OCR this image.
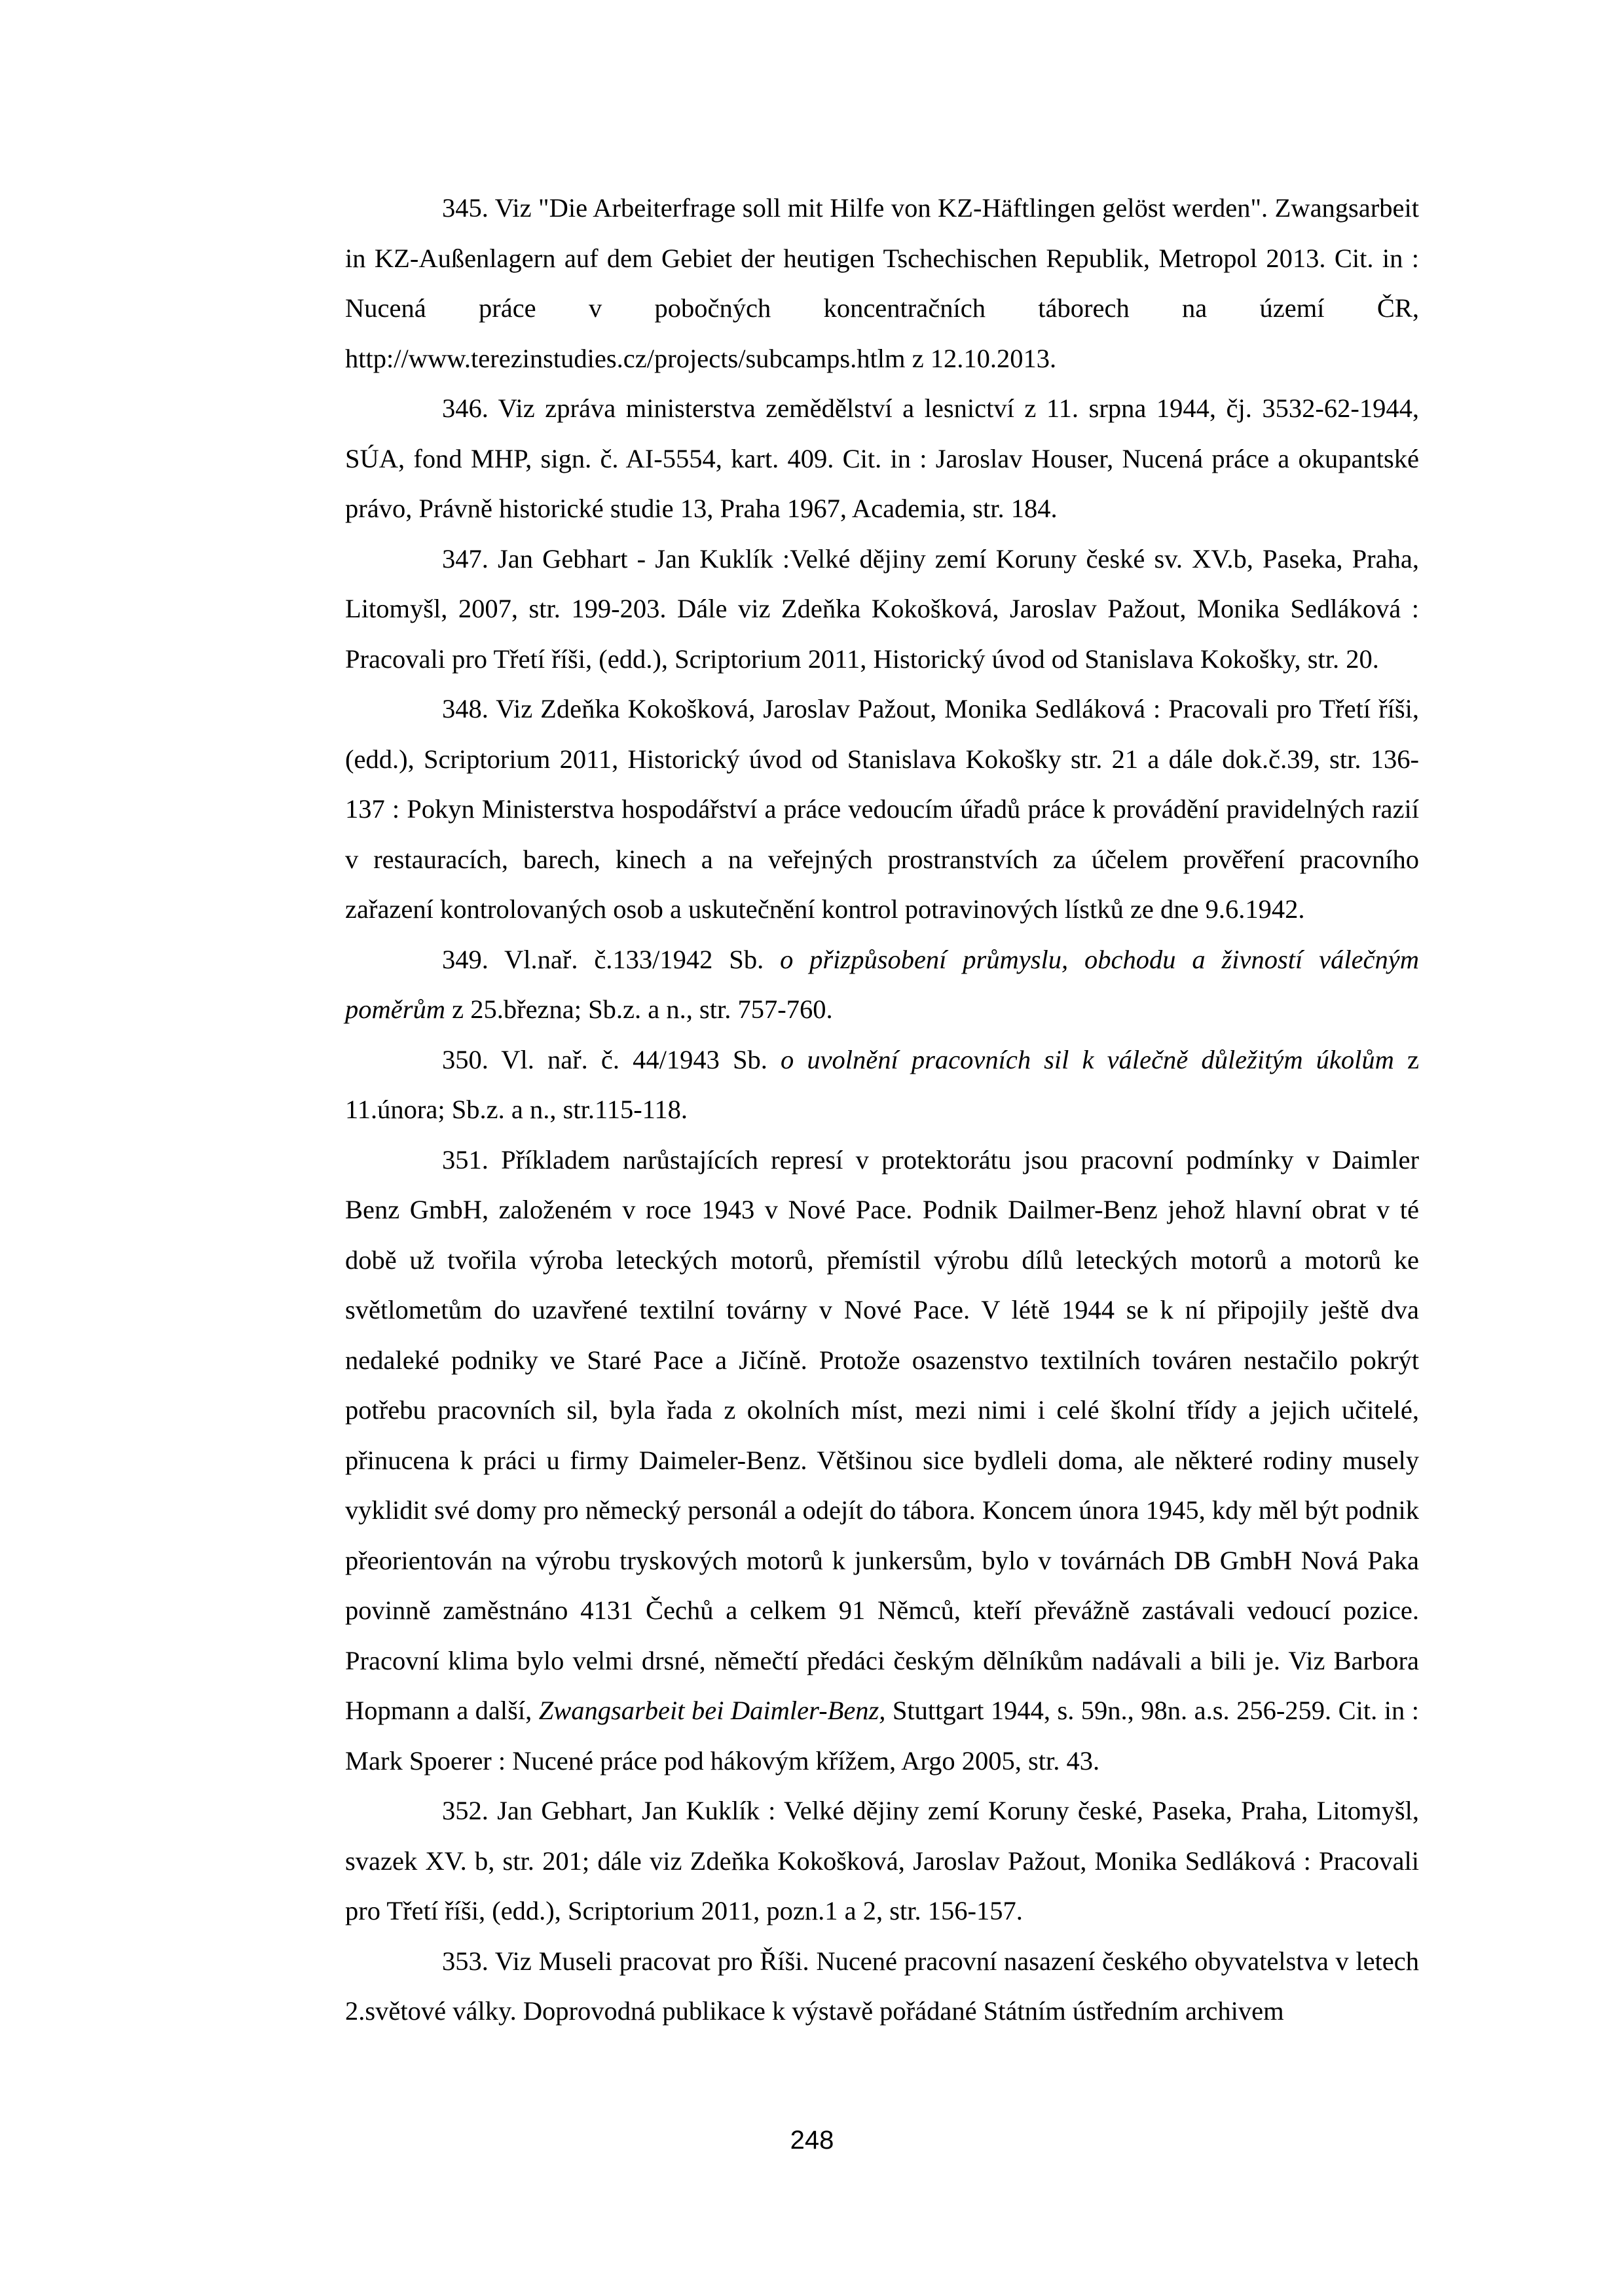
345. Viz "Die Arbeiterfrage soll mit Hilfe von KZ-Häftlingen gelöst werden". Zwangsarbeit in KZ-Außenlagern auf dem Gebiet der heutigen Tschechischen Republik, Metropol 2013. Cit. in : Nucená práce v pobočných koncentračních táborech na území ČR, http://www.terezinstudies.cz/projects/subcamps.htlm z 12.10.2013.

346. Viz zpráva ministerstva zemědělství a lesnictví z 11. srpna 1944, čj. 3532-62-1944, SÚA, fond MHP, sign. č. AI-5554, kart. 409. Cit. in : Jaroslav Houser, Nucená práce a okupantské právo, Právně historické studie 13, Praha 1967, Academia, str. 184.

347. Jan Gebhart - Jan Kuklík :Velké dějiny zemí Koruny české sv. XV.b, Paseka, Praha, Litomyšl, 2007, str. 199-203. Dále viz Zdeňka Kokošková, Jaroslav Pažout, Monika Sedláková : Pracovali pro Třetí říši, (edd.), Scriptorium 2011, Historický úvod od Stanislava Kokošky, str. 20.

348. Viz Zdeňka Kokošková, Jaroslav Pažout, Monika Sedláková : Pracovali pro Třetí říši, (edd.), Scriptorium 2011, Historický úvod od Stanislava Kokošky str. 21 a dále dok.č.39, str. 136-137 : Pokyn Ministerstva hospodářství a práce vedoucím úřadů práce k provádění pravidelných razií v restauracích, barech, kinech a na veřejných prostranstvích za účelem prověření pracovního zařazení kontrolovaných osob a uskutečnění kontrol potravinových lístků ze dne 9.6.1942.

349. Vl.nař. č.133/1942 Sb. o přizpůsobení průmyslu, obchodu a živností válečným poměrům z 25.března; Sb.z. a n., str. 757-760.

350. Vl. nař. č. 44/1943 Sb. o uvolnění pracovních sil k válečně důležitým úkolům z 11.února; Sb.z. a n., str.115-118.

351. Příkladem narůstajících represí v protektorátu jsou pracovní podmínky v Daimler Benz GmbH, založeném v roce 1943 v Nové Pace. Podnik Dailmer-Benz jehož hlavní obrat v té době už tvořila výroba leteckých motorů, přemístil výrobu dílů leteckých motorů a motorů ke světlometům do uzavřené textilní továrny v Nové Pace. V létě 1944 se k ní připojily ještě dva nedaleké podniky ve Staré Pace a Jičíně. Protože osazenstvo textilních továren nestačilo pokrýt potřebu pracovních sil, byla řada z okolních míst, mezi nimi i celé školní třídy a jejich učitelé, přinucena k práci u firmy Daimeler-Benz. Většinou sice bydleli doma, ale některé rodiny musely vyklidit své domy pro německý personál a odejít do tábora. Koncem února 1945, kdy měl být podnik přeorientován na výrobu tryskových motorů k junkersům, bylo v továrnách DB GmbH Nová Paka povinně zaměstnáno 4131 Čechů a celkem 91 Němců, kteří převážně zastávali vedoucí pozice. Pracovní klima bylo velmi drsné, němečtí předáci českým dělníkům nadávali a bili je. Viz Barbora Hopmann a další, Zwangsarbeit bei Daimler-Benz, Stuttgart 1944, s. 59n., 98n. a.s. 256-259. Cit. in : Mark Spoerer : Nucené práce pod hákovým křížem, Argo 2005, str. 43.

352. Jan Gebhart, Jan Kuklík : Velké dějiny zemí Koruny české, Paseka, Praha, Litomyšl, svazek XV. b, str. 201; dále viz Zdeňka Kokošková, Jaroslav Pažout, Monika Sedláková : Pracovali pro Třetí říši, (edd.), Scriptorium 2011, pozn.1 a 2, str. 156-157.

353. Viz Museli pracovat pro Říši. Nucené pracovní nasazení českého obyvatelstva v letech 2.světové války. Doprovodná publikace k výstavě pořádané Státním ústředním archivem

248
